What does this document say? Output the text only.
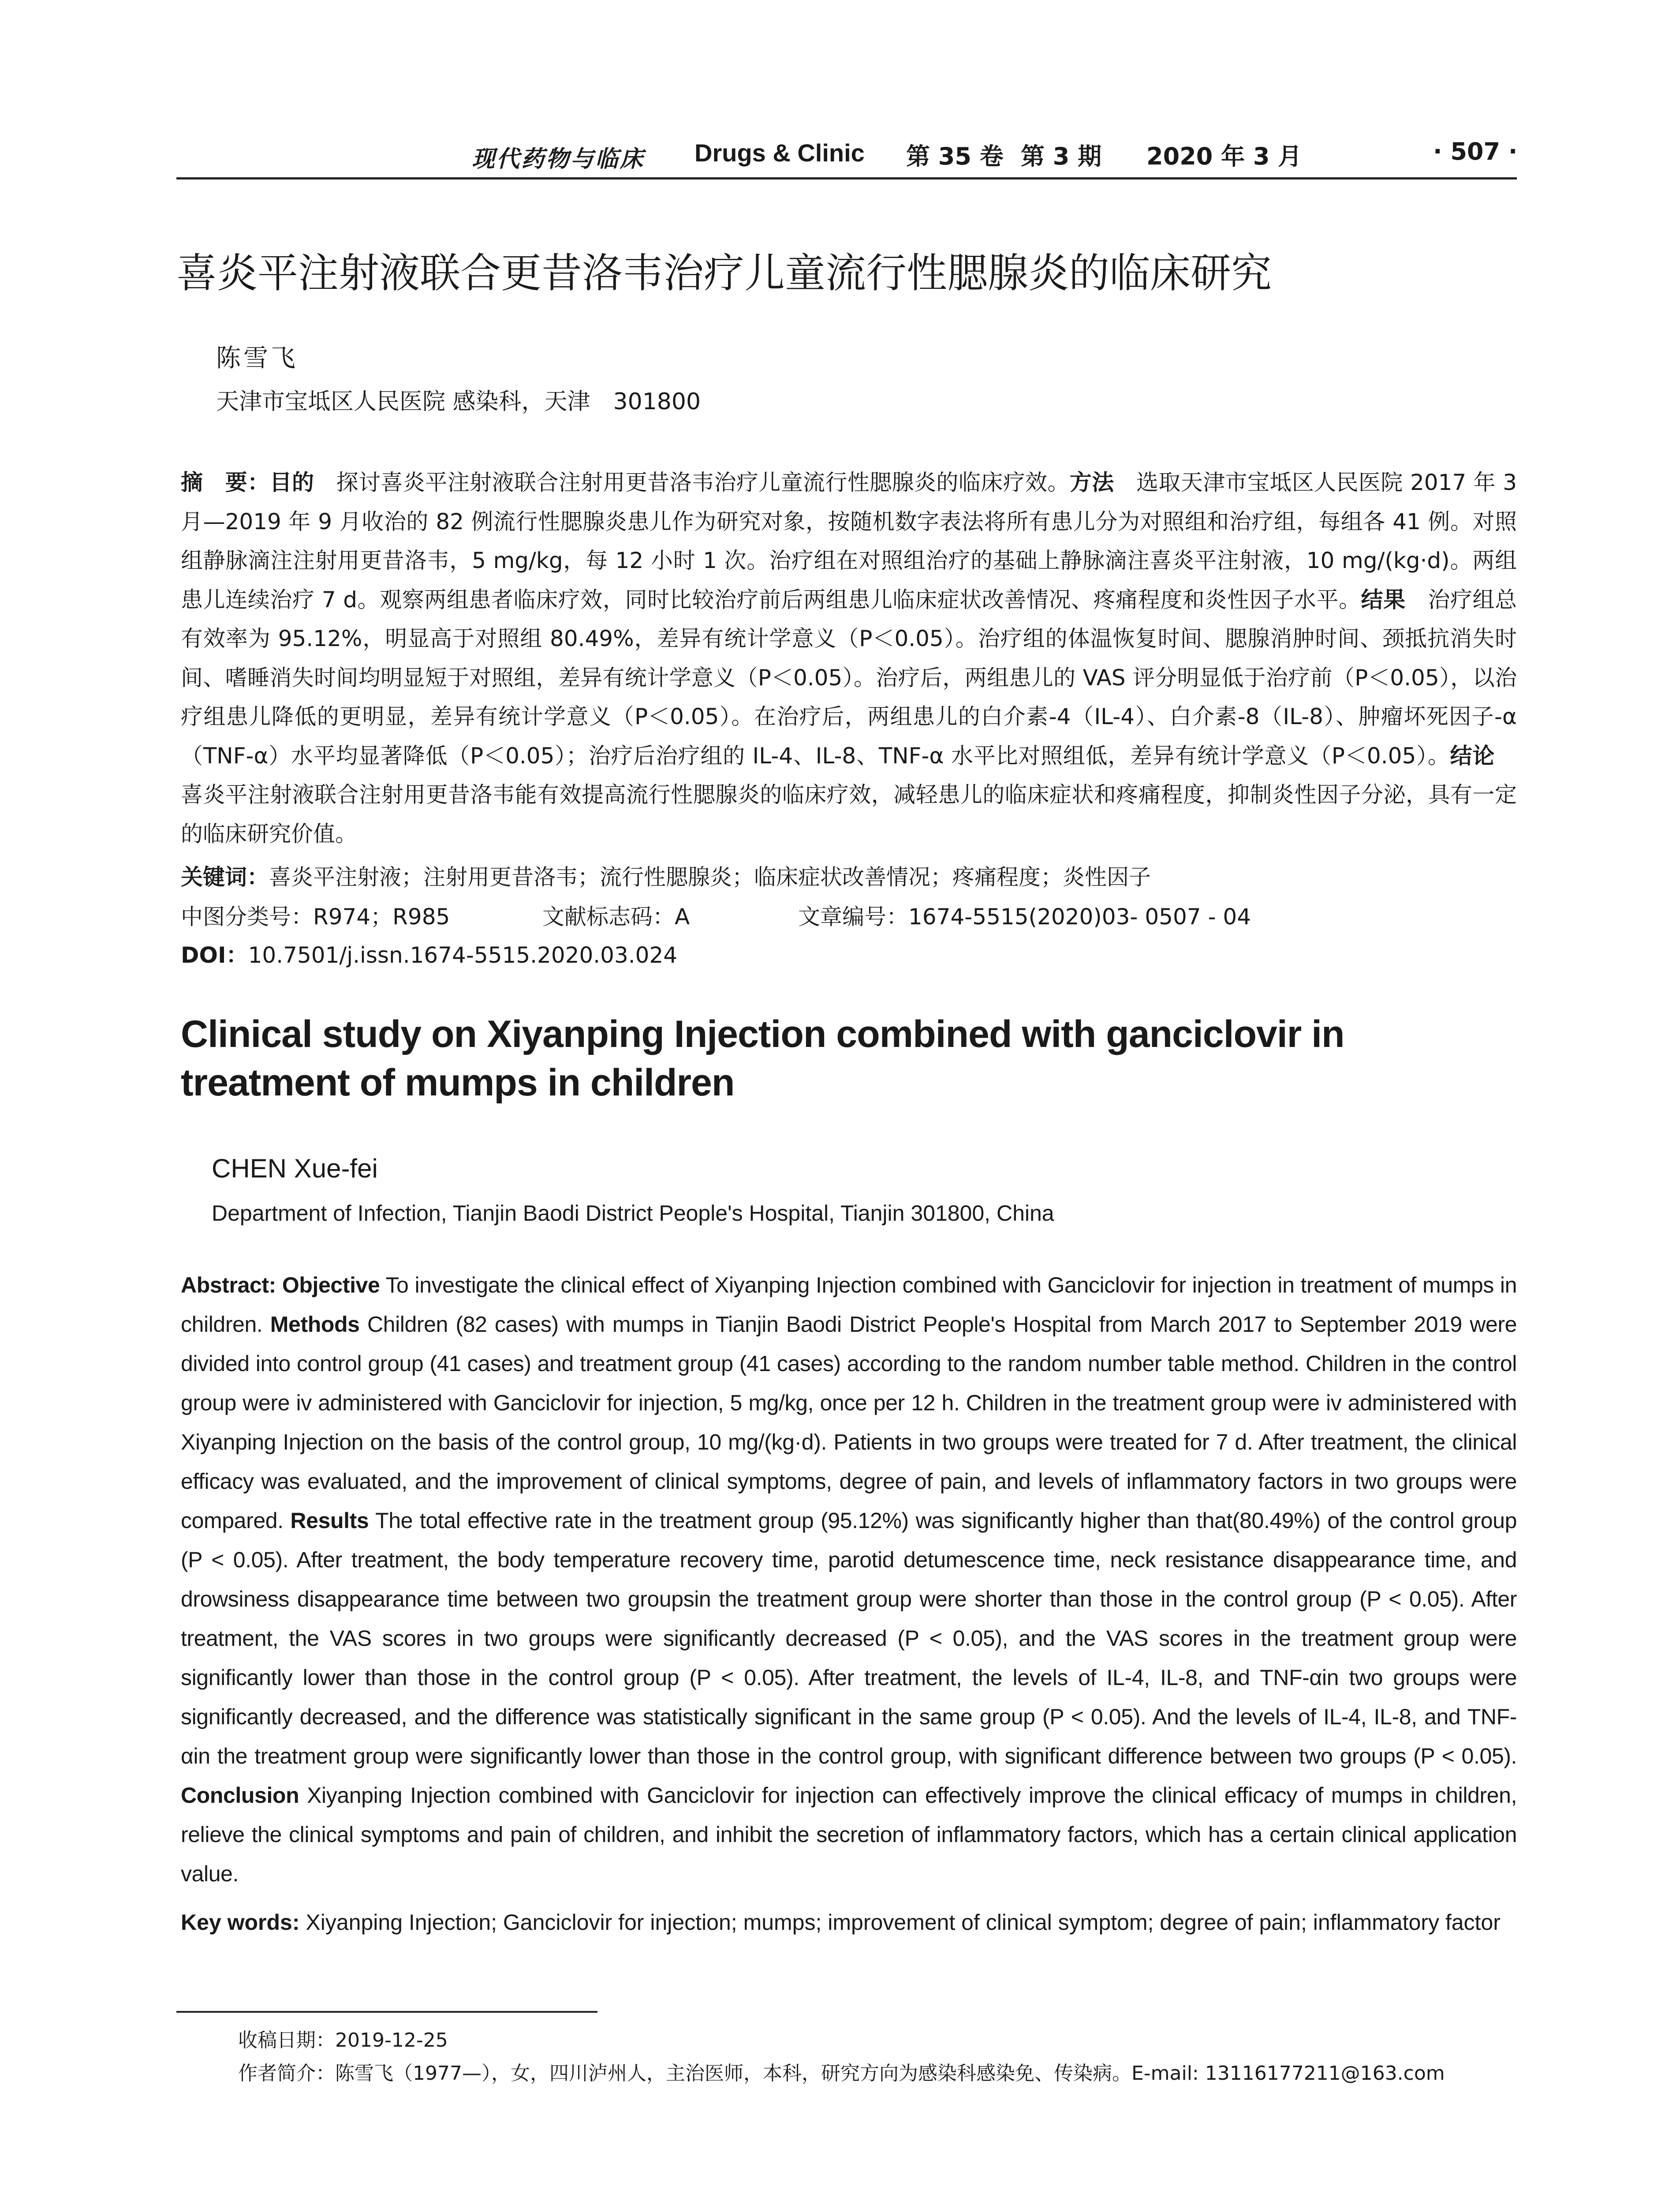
现代药物与临床 Drugs & Clinic 第 35 卷 第 3 期 2020 年 3 月	· 507 ·
喜炎平注射液联合更昔洛韦治疗儿童流行性腮腺炎的临床研究
陈雪飞
天津市宝坻区人民医院 感染科，天津　301800
摘　要：目的　探讨喜炎平注射液联合注射用更昔洛韦治疗儿童流行性腮腺炎的临床疗效。方法　选取天津市宝坻区人民医院 2017 年 3 月—2019 年 9 月收治的 82 例流行性腮腺炎患儿作为研究对象，按随机数字表法将所有患儿分为对照组和治疗组，每组各 41 例。对照组静脉滴注注射用更昔洛韦，5 mg/kg，每 12 小时 1 次。治疗组在对照组治疗的基础上静脉滴注喜炎平注射液，10 mg/(kg·d)。两组患儿连续治疗 7 d。观察两组患者临床疗效，同时比较治疗前后两组患儿临床症状改善情况、疼痛程度和炎性因子水平。结果　治疗组总有效率为 95.12%，明显高于对照组 80.49%，差异有统计学意义（P＜0.05）。治疗组的体温恢复时间、腮腺消肿时间、颈抵抗消失时间、嗜睡消失时间均明显短于对照组，差异有统计学意义（P＜0.05）。治疗后，两组患儿的 VAS 评分明显低于治疗前（P＜0.05），以治疗组患儿降低的更明显，差异有统计学意义（P＜0.05）。在治疗后，两组患儿的白介素-4（IL-4）、白介素-8（IL-8）、肿瘤坏死因子-α（TNF-α）水平均显著降低（P＜0.05）；治疗后治疗组的 IL-4、IL-8、TNF-α 水平比对照组低，差异有统计学意义（P＜0.05）。结论　喜炎平注射液联合注射用更昔洛韦能有效提高流行性腮腺炎的临床疗效，减轻患儿的临床症状和疼痛程度，抑制炎性因子分泌，具有一定的临床研究价值。
关键词：喜炎平注射液；注射用更昔洛韦；流行性腮腺炎；临床症状改善情况；疼痛程度；炎性因子
中图分类号：R974；R985	文献标志码：A	文章编号：1674-5515(2020)03- 0507 - 04
DOI：10.7501/j.issn.1674-5515.2020.03.024
Clinical study on Xiyanping Injection combined with ganciclovir in treatment of mumps in children
CHEN Xue-fei
Department of Infection, Tianjin Baodi District People's Hospital, Tianjin 301800, China
Abstract: Objective To investigate the clinical effect of Xiyanping Injection combined with Ganciclovir for injection in treatment of mumps in children. Methods Children (82 cases) with mumps in Tianjin Baodi District People's Hospital from March 2017 to September 2019 were divided into control group (41 cases) and treatment group (41 cases) according to the random number table method. Children in the control group were iv administered with Ganciclovir for injection, 5 mg/kg, once per 12 h. Children in the treatment group were iv administered with Xiyanping Injection on the basis of the control group, 10 mg/(kg·d). Patients in two groups were treated for 7 d. After treatment, the clinical efficacy was evaluated, and the improvement of clinical symptoms, degree of pain, and levels of inflammatory factors in two groups were compared. Results The total effective rate in the treatment group (95.12%) was significantly higher than that(80.49%) of the control group (P < 0.05). After treatment, the body temperature recovery time, parotid detumescence time, neck resistance disappearance time, and drowsiness disappearance time between two groupsin the treatment group were shorter than those in the control group (P < 0.05). After treatment, the VAS scores in two groups were significantly decreased (P < 0.05), and the VAS scores in the treatment group were significantly lower than those in the control group (P < 0.05). After treatment, the levels of IL-4, IL-8, and TNF-αin two groups were significantly decreased, and the difference was statistically significant in the same group (P < 0.05). And the levels of IL-4, IL-8, and TNF-αin the treatment group were significantly lower than those in the control group, with significant difference between two groups (P < 0.05). Conclusion Xiyanping Injection combined with Ganciclovir for injection can effectively improve the clinical efficacy of mumps in children, relieve the clinical symptoms and pain of children, and inhibit the secretion of inflammatory factors, which has a certain clinical application value.
Key words: Xiyanping Injection; Ganciclovir for injection; mumps; improvement of clinical symptom; degree of pain; inflammatory factor
收稿日期：2019-12-25
作者简介：陈雪飞（1977—），女，四川泸州人，主治医师，本科，研究方向为感染科感染免、传染病。E-mail: 13116177211@163.com
